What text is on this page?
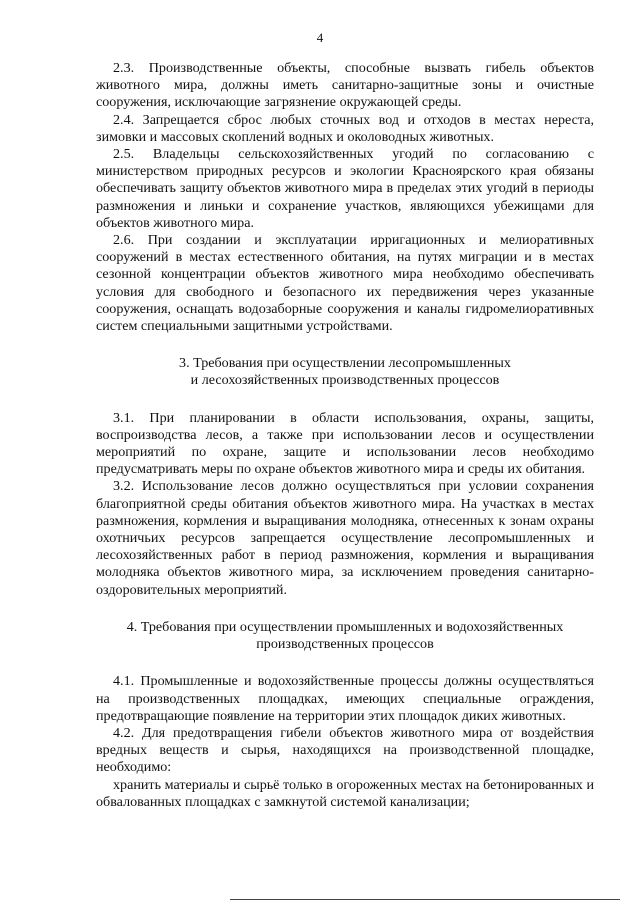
4

2.3. Производственные объекты, способные вызвать гибель объектов животного мира, должны иметь санитарно-защитные зоны и очистные сооружения, исключающие загрязнение окружающей среды.

2.4. Запрещается сброс любых сточных вод и отходов в местах нереста, зимовки и массовых скоплений водных и околоводных животных.

2.5. Владельцы сельскохозяйственных угодий по согласованию с министерством природных ресурсов и экологии Красноярского края обязаны обеспечивать защиту объектов животного мира в пределах этих угодий в периоды размножения и линьки и сохранение участков, являющихся убежищами для объектов животного мира.

2.6. При создании и эксплуатации ирригационных и мелиоративных сооружений в местах естественного обитания, на путях миграции и в местах сезонной концентрации объектов животного мира необходимо обеспечивать условия для свободного и безопасного их передвижения через указанные сооружения, оснащать водозаборные сооружения и каналы гидромелиоративных систем специальными защитными устройствами.

3. Требования при осуществлении лесопромышленных

и лесохозяйственных производственных процессов

3.1. При планировании в области использования, охраны, защиты, воспроизводства лесов, а также при использовании лесов и осуществлении мероприятий по охране, защите и использовании лесов необходимо предусматривать меры по охране объектов животного мира и среды их обитания.

3.2. Использование лесов должно осуществляться при условии сохранения благоприятной среды обитания объектов животного мира. На участках в местах размножения, кормления и выращивания молодняка, отнесенных к зонам охраны охотничьих ресурсов запрещается осуществление лесопромышленных и лесохозяйственных работ в период размножения, кормления и выращивания молодняка объектов животного мира, за исключением проведения санитарно-оздоровительных мероприятий.

4. Требования при осуществлении промышленных и водохозяйственных

производственных процессов

4.1. Промышленные и водохозяйственные процессы должны осуществляться на производственных площадках, имеющих специальные ограждения, предотвращающие появление на территории этих площадок диких животных.

4.2. Для предотвращения гибели объектов животного мира от воздействия вредных веществ и сырья, находящихся на производственной площадке, необходимо:

хранить материалы и сырьё только в огороженных местах на бетонированных и обвалованных площадках с замкнутой системой канализации;
